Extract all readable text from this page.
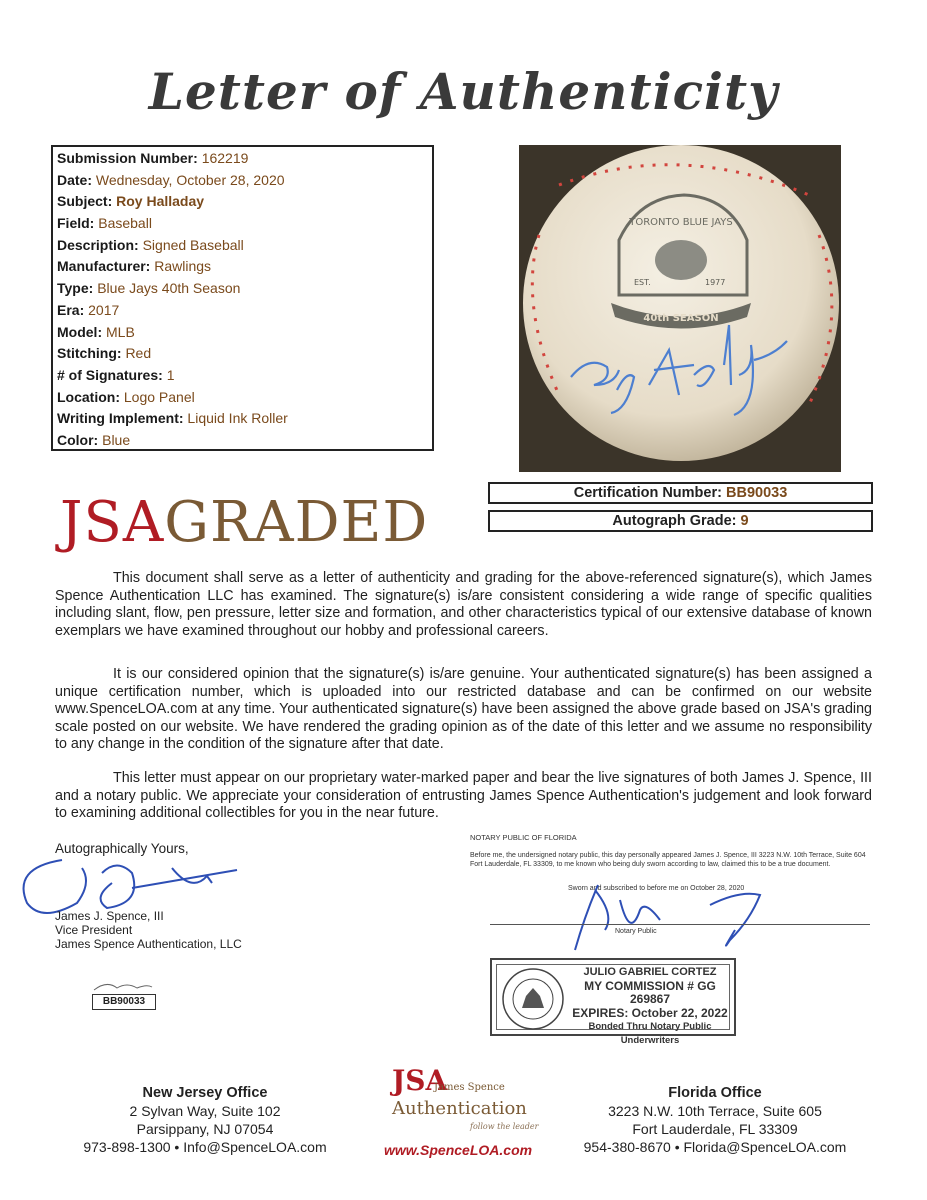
Letter of Authenticity
Submission Number: 162219
Date: Wednesday, October 28, 2020
Subject: Roy Halladay
Field: Baseball
Description: Signed Baseball
Manufacturer: Rawlings
Type: Blue Jays 40th Season
Era: 2017
Model: MLB
Stitching: Red
# of Signatures: 1
Location: Logo Panel
Writing Implement: Liquid Ink Roller
Color: Blue
TORONTO BLUE JAYS
EST.	1977
40th SEASON
Certification Number: BB90033
Autograph Grade: 9
JSAGRADED
This document shall serve as a letter of authenticity and grading for the above-referenced signature(s), which James Spence Authentication LLC has examined. The signature(s) is/are consistent considering a wide range of specific qualities including slant, flow, pen pressure, letter size and formation, and other characteristics typical of our extensive database of known exemplars we have examined throughout our hobby and professional careers.
It is our considered opinion that the signature(s) is/are genuine. Your authenticated signature(s) has been assigned a unique certification number, which is uploaded into our restricted database and can be confirmed on our website www.SpenceLOA.com at any time. Your authenticated signature(s) have been assigned the above grade based on JSA's grading scale posted on our website. We have rendered the grading opinion as of the date of this letter and we assume no responsibility to any change in the condition of the signature after that date.
This letter must appear on our proprietary water-marked paper and bear the live signatures of both James J. Spence, III and a notary public. We appreciate your consideration of entrusting James Spence Authentication's judgement and look forward to examining additional collectibles for you in the near future.
Autographically Yours,
James J. Spence, III
Vice President
James Spence Authentication, LLC
BB90033
NOTARY PUBLIC OF FLORIDA
Before me, the undersigned notary public, this day personally appeared James J. Spence, III 3223 N.W. 10th Terrace, Suite 604 Fort Lauderdale, FL 33309, to me known who being duly sworn according to law, claimed this to be a true document.
Sworn and subscribed to before me on October 28, 2020
Notary Public
JULIO GABRIEL CORTEZ
MY COMMISSION # GG 269867
EXPIRES: October 22, 2022
Bonded Thru Notary Public Underwriters
New Jersey Office
2 Sylvan Way, Suite 102
Parsippany, NJ 07054
973-898-1300 • Info@SpenceLOA.com
Florida Office
3223 N.W. 10th Terrace, Suite 605
Fort Lauderdale, FL 33309
954-380-8670 • Florida@SpenceLOA.com
JSA
James Spence
Authentication
follow the leader
www.SpenceLOA.com
